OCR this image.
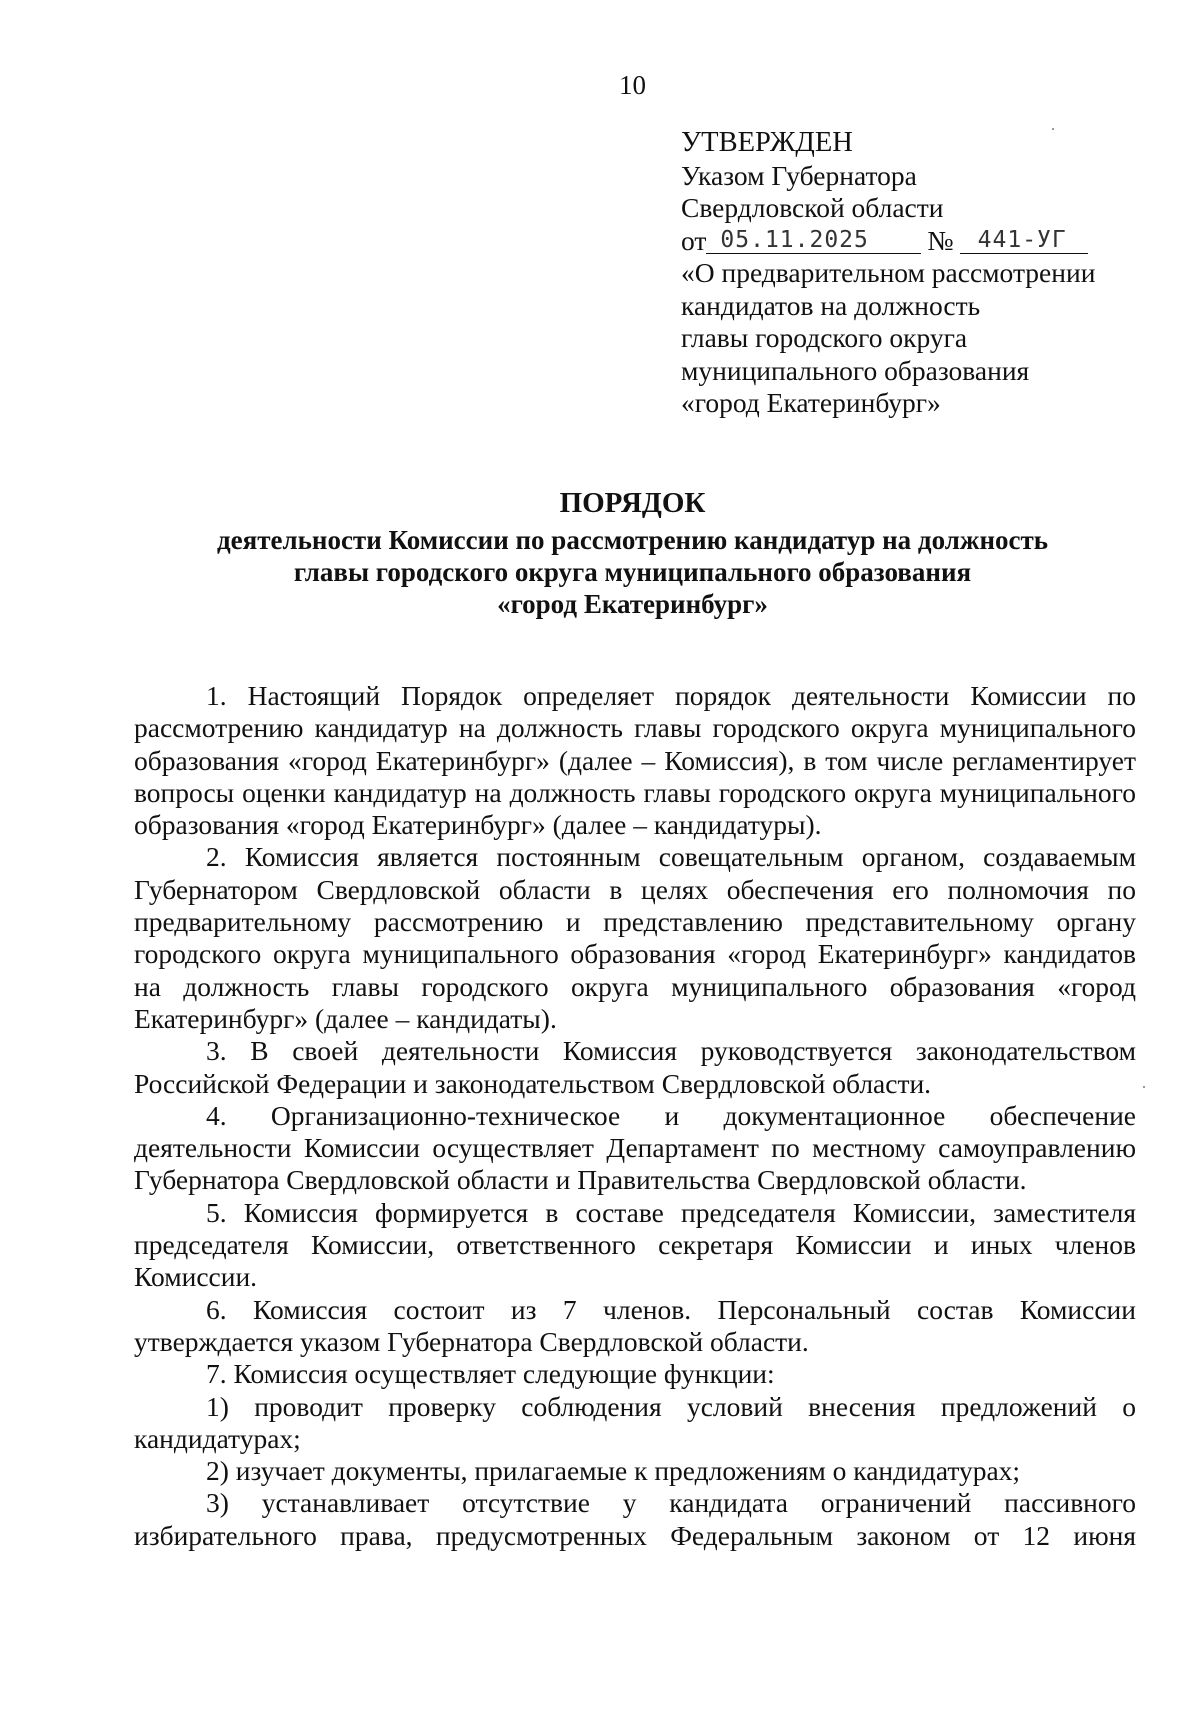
10
УТВЕРЖДЕН
Указом Губернатора
Свердловской области
от 05.11.2025	№	441-УГ
«О предварительном рассмотрении
кандидатов на должность
главы городского округа
муниципального образования
«город Екатеринбург»
ПОРЯДОК
деятельности Комиссии по рассмотрению кандидатур на должность
главы городского округа муниципального образования
«город Екатеринбург»

1. Настоящий Порядок определяет порядок деятельности Комиссии по рассмотрению кандидатур на должность главы городского округа муниципального образования «город Екатеринбург» (далее – Комиссия), в том числе регламентирует вопросы оценки кандидатур на должность главы городского округа муниципального образования «город Екатеринбург» (далее – кандидатуры).

2. Комиссия является постоянным совещательным органом, создаваемым Губернатором Свердловской области в целях обеспечения его полномочия по предварительному рассмотрению и представлению представительному органу городского округа муниципального образования «город Екатеринбург» кандидатов на должность главы городского округа муниципального образования «город Екатеринбург» (далее – кандидаты).

3. В своей деятельности Комиссия руководствуется законодательством Российской Федерации и законодательством Свердловской области.

4. Организационно-техническое и документационное обеспечение деятельности Комиссии осуществляет Департамент по местному самоуправлению Губернатора Свердловской области и Правительства Свердловской области.

5. Комиссия формируется в составе председателя Комиссии, заместителя председателя Комиссии, ответственного секретаря Комиссии и иных членов Комиссии.

6. Комиссия состоит из 7 членов. Персональный состав Комиссии утверждается указом Губернатора Свердловской области.

7. Комиссия осуществляет следующие функции:

1) проводит проверку соблюдения условий внесения предложений о кандидатурах;

2) изучает документы, прилагаемые к предложениям о кандидатурах;

3) устанавливает отсутствие у кандидата ограничений пассивного избирательного права, предусмотренных Федеральным законом от 12 июня
